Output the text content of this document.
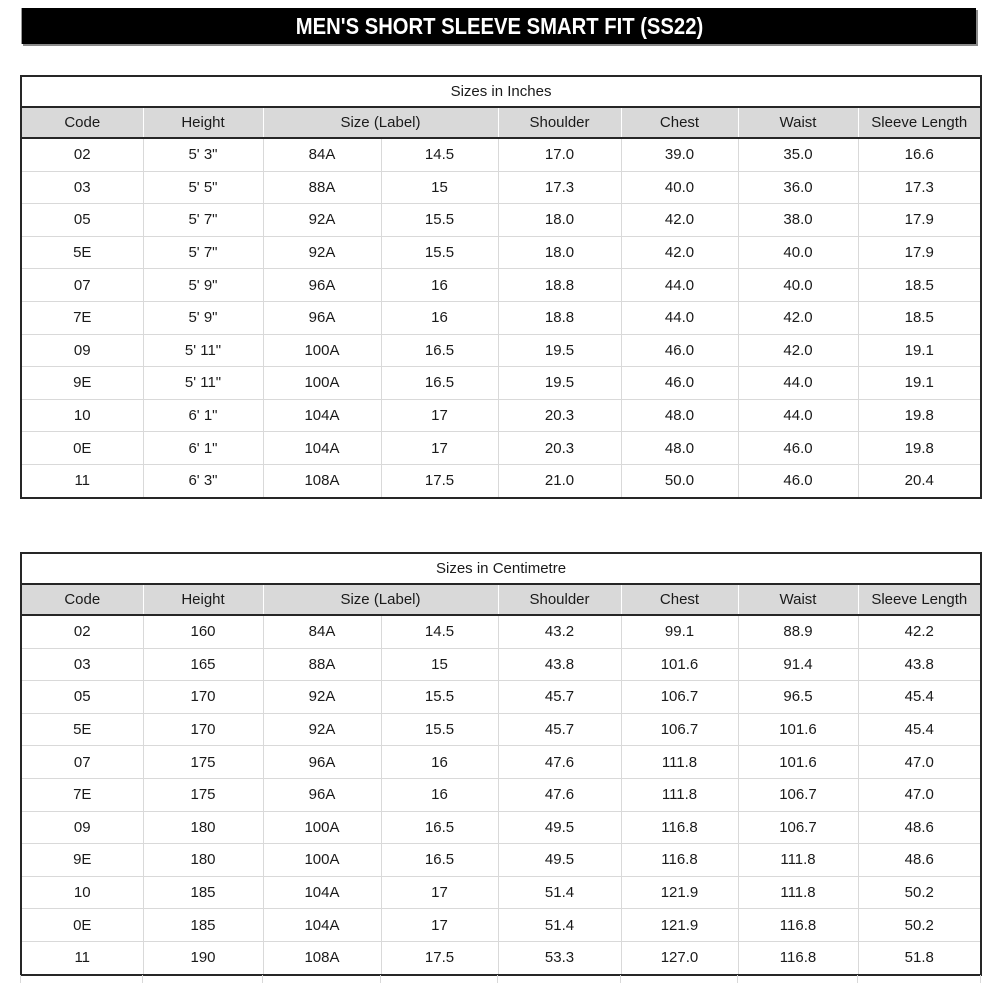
MEN'S SHORT SLEEVE SMART FIT (SS22)
Sizes in Inches							
Code	Height	Size (Label)		Shoulder	Chest	Waist	Sleeve Length
02	5' 3"	84A	14.5	17.0	39.0	35.0	16.6
03	5' 5"	88A	15	17.3	40.0	36.0	17.3
05	5' 7"	92A	15.5	18.0	42.0	38.0	17.9
5E	5' 7"	92A	15.5	18.0	42.0	40.0	17.9
07	5' 9"	96A	16	18.8	44.0	40.0	18.5
7E	5' 9"	96A	16	18.8	44.0	42.0	18.5
09	5' 11"	100A	16.5	19.5	46.0	42.0	19.1
9E	5' 11"	100A	16.5	19.5	46.0	44.0	19.1
10	6' 1"	104A	17	20.3	48.0	44.0	19.8
0E	6' 1"	104A	17	20.3	48.0	46.0	19.8
11	6' 3"	108A	17.5	21.0	50.0	46.0	20.4
Sizes in Centimetre							
Code	Height	Size (Label)		Shoulder	Chest	Waist	Sleeve Length
02	160	84A	14.5	43.2	99.1	88.9	42.2
03	165	88A	15	43.8	101.6	91.4	43.8
05	170	92A	15.5	45.7	106.7	96.5	45.4
5E	170	92A	15.5	45.7	106.7	101.6	45.4
07	175	96A	16	47.6	111.8	101.6	47.0
7E	175	96A	16	47.6	111.8	106.7	47.0
09	180	100A	16.5	49.5	116.8	106.7	48.6
9E	180	100A	16.5	49.5	116.8	111.8	48.6
10	185	104A	17	51.4	121.9	111.8	50.2
0E	185	104A	17	51.4	121.9	116.8	50.2
11	190	108A	17.5	53.3	127.0	116.8	51.8
